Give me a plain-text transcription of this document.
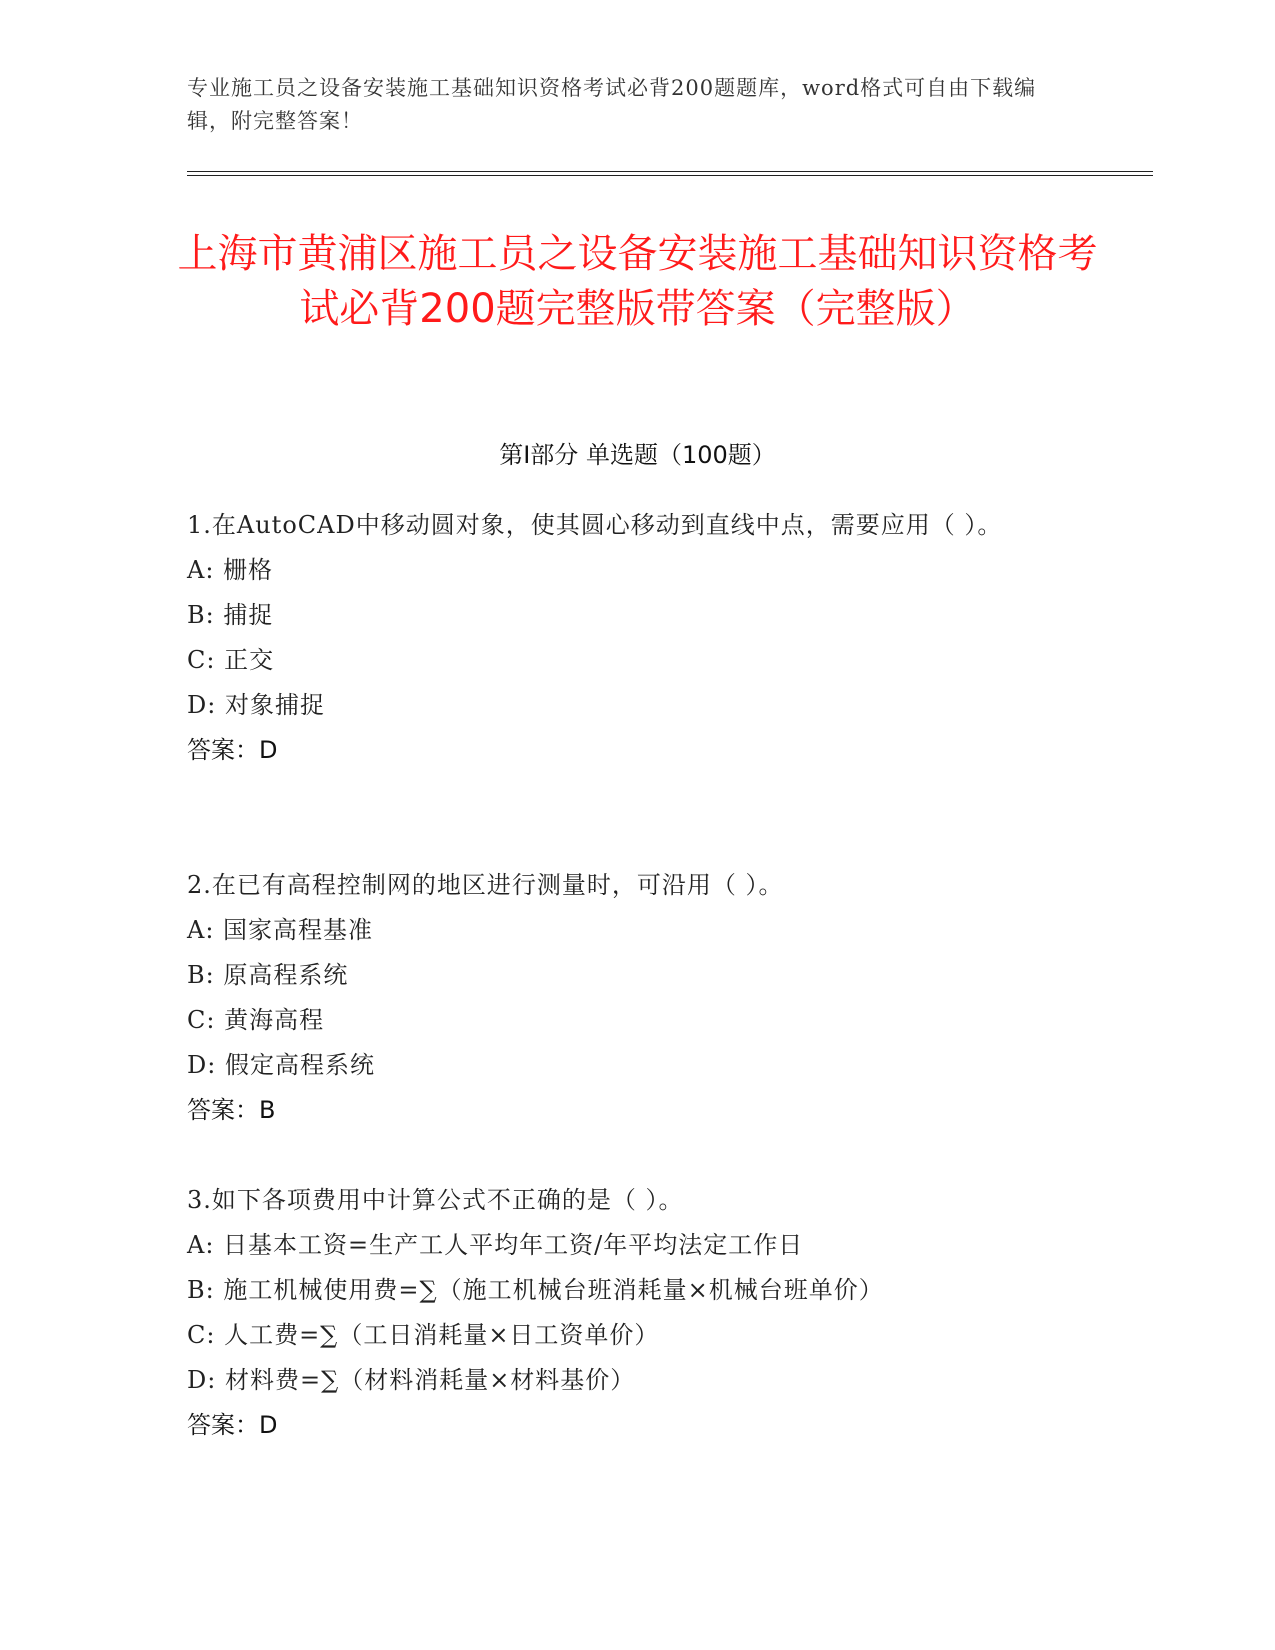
专业施工员之设备安装施工基础知识资格考试必背200题题库，word格式可自由下载编辑，附完整答案！
上海市黄浦区施工员之设备安装施工基础知识资格考试必背200题完整版带答案（完整版）
第I部分 单选题（100题）
1.在AutoCAD中移动圆对象，使其圆心移动到直线中点，需要应用（ ）。
A: 栅格
B: 捕捉
C: 正交
D: 对象捕捉
答案：D
2.在已有高程控制网的地区进行测量时，可沿用（ ）。
A: 国家高程基准
B: 原高程系统
C: 黄海高程
D: 假定高程系统
答案：B
3.如下各项费用中计算公式不正确的是（ ）。
A: 日基本工资=生产工人平均年工资/年平均法定工作日
B: 施工机械使用费=∑（施工机械台班消耗量×机械台班单价）
C: 人工费=∑（工日消耗量×日工资单价）
D: 材料费=∑（材料消耗量×材料基价）
答案：D
